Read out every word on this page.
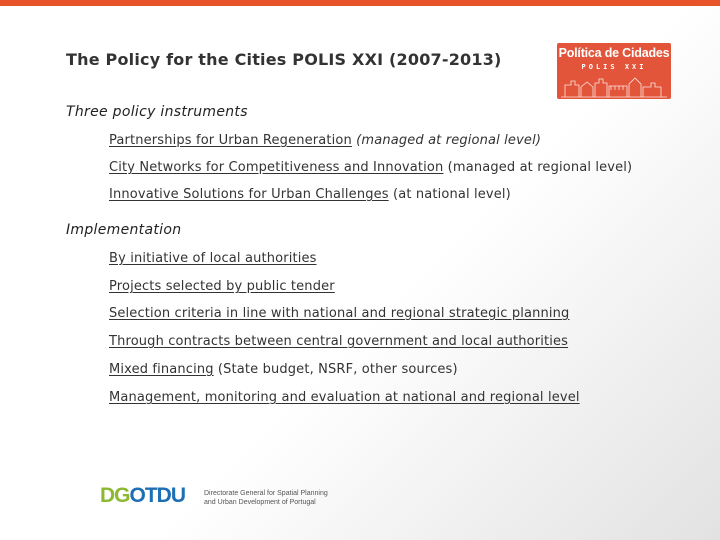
The Policy for the Cities POLIS XXI (2007-2013)	Política de Cidades
POLIS XXI
Three policy instruments
Partnerships for Urban Regeneration (managed at regional level)
City Networks for Competitiveness and Innovation (managed at regional level)
Innovative Solutions for Urban Challenges (at national level)
Implementation
By initiative of local authorities
Projects selected by public tender
Selection criteria in line with national and regional strategic planning
Through contracts between central government and local authorities
Mixed financing (State budget, NSRF, other sources)
Management, monitoring and evaluation at national and regional level
DGOTDU	Directorate General for Spatial Planning
and Urban Development of Portugal
